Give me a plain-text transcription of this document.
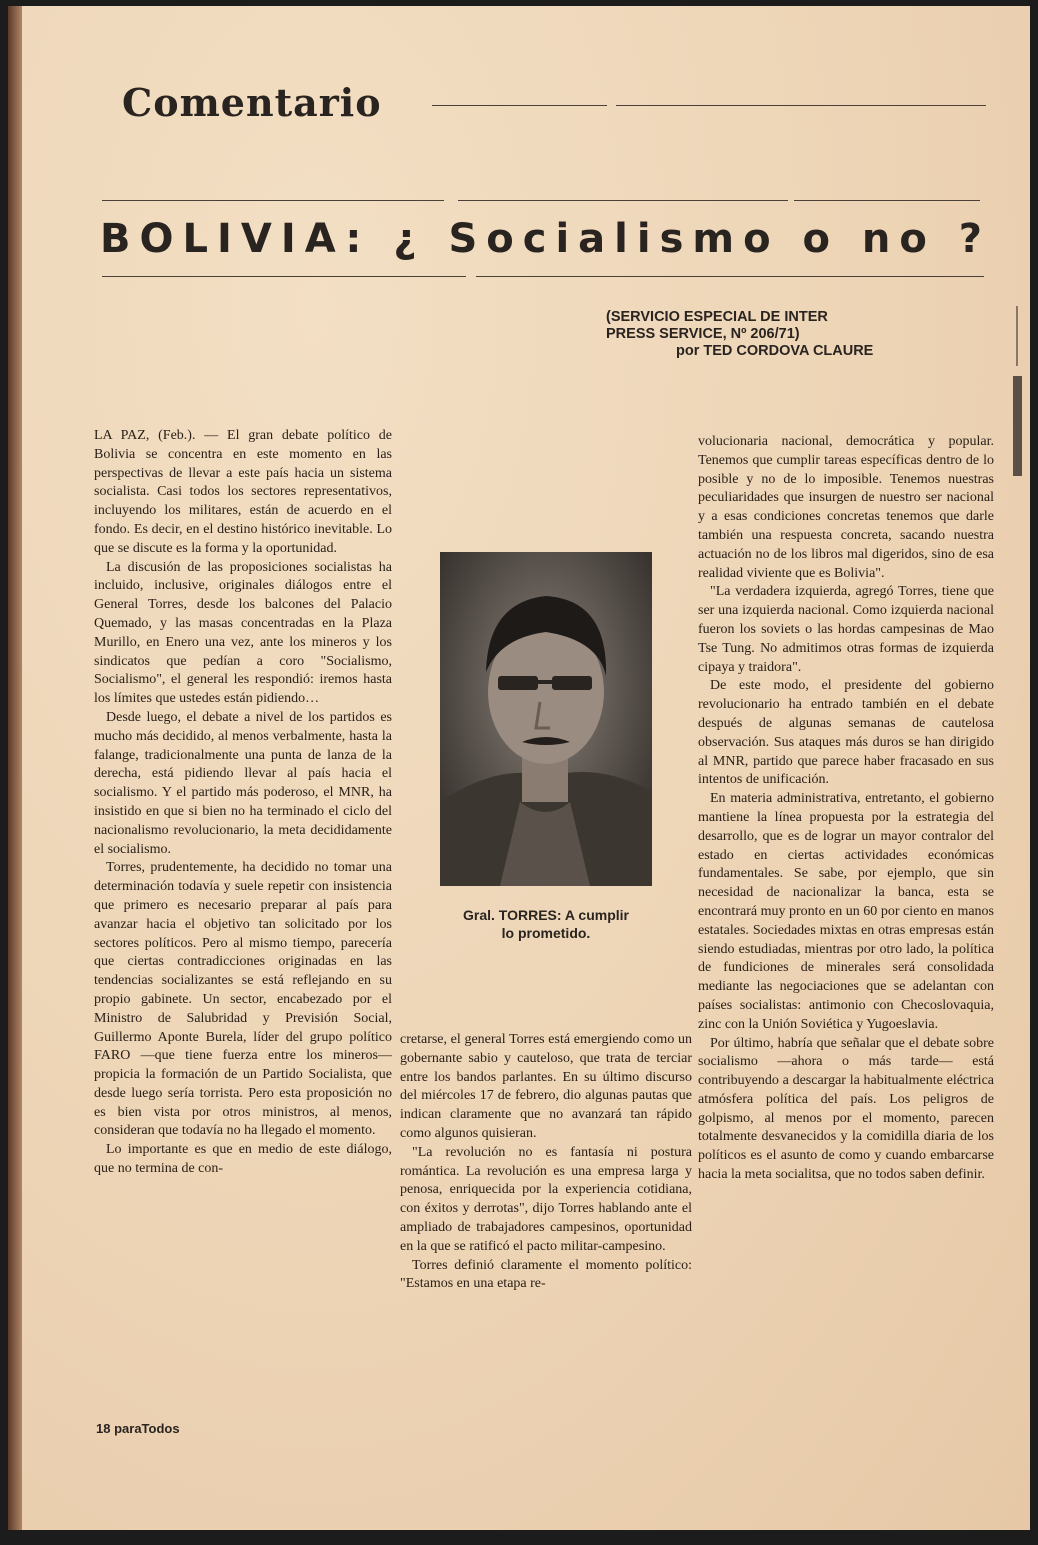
Comentario
BOLIVIA: ¿ Socialismo o no ?
(SERVICIO ESPECIAL DE INTER
PRESS SERVICE, Nº 206/71)
por TED CORDOVA CLAURE

LA PAZ, (Feb.). — El gran debate político de Bolivia se concentra en este momento en las perspectivas de llevar a este país hacia un sistema socialista. Casi todos los sectores representativos, incluyendo los militares, están de acuerdo en el fondo. Es decir, en el destino histórico inevitable. Lo que se discute es la forma y la oportunidad.

La discusión de las proposiciones socialistas ha incluido, inclusive, originales diálogos entre el General Torres, desde los balcones del Palacio Quemado, y las masas concentradas en la Plaza Murillo, en Enero una vez, ante los mineros y los sindicatos que pedían a coro "Socialismo, Socialismo", el general les respondió: iremos hasta los límites que ustedes están pidiendo…

Desde luego, el debate a nivel de los partidos es mucho más decidido, al menos verbalmente, hasta la falange, tradicionalmente una punta de lanza de la derecha, está pidiendo llevar al país hacia el socialismo. Y el partido más poderoso, el MNR, ha insistido en que si bien no ha terminado el ciclo del nacionalismo revolucionario, la meta decididamente el socialismo.

Torres, prudentemente, ha decidido no tomar una determinación todavía y suele repetir con insistencia que primero es necesario preparar al país para avanzar hacia el objetivo tan solicitado por los sectores políticos. Pero al mismo tiempo, parecería que ciertas contradicciones originadas en las tendencias socializantes se está reflejando en su propio gabinete. Un sector, encabezado por el Ministro de Salubridad y Previsión Social, Guillermo Aponte Burela, líder del grupo político FARO —que tiene fuerza entre los mineros— propicia la formación de un Partido Socialista, que desde luego sería torrista. Pero esta proposición no es bien vista por otros ministros, al menos, consideran que todavía no ha llegado el momento.

Lo importante es que en medio de este diálogo, que no termina de con-

Gral. TORRES: A cumplir
lo prometido.

cretarse, el general Torres está emergiendo como un gobernante sabio y cauteloso, que trata de terciar entre los bandos parlantes. En su último discurso del miércoles 17 de febrero, dio algunas pautas que indican claramente que no avanzará tan rápido como algunos quisieran.

"La revolución no es fantasía ni postura romántica. La revolución es una empresa larga y penosa, enriquecida por la experiencia cotidiana, con éxitos y derrotas", dijo Torres hablando ante el ampliado de trabajadores campesinos, oportunidad en la que se ratificó el pacto militar-campesino.

Torres definió claramente el momento político: "Estamos en una etapa re-

volucionaria nacional, democrática y popular. Tenemos que cumplir tareas específicas dentro de lo posible y no de lo imposible. Tenemos nuestras peculiaridades que insurgen de nuestro ser nacional y a esas condiciones concretas tenemos que darle también una respuesta concreta, sacando nuestra actuación no de los libros mal digeridos, sino de esa realidad viviente que es Bolivia".

"La verdadera izquierda, agregó Torres, tiene que ser una izquierda nacional. Como izquierda nacional fueron los soviets o las hordas campesinas de Mao Tse Tung. No admitimos otras formas de izquierda cipaya y traidora".

De este modo, el presidente del gobierno revolucionario ha entrado también en el debate después de algunas semanas de cautelosa observación. Sus ataques más duros se han dirigido al MNR, partido que parece haber fracasado en sus intentos de unificación.

En materia administrativa, entretanto, el gobierno mantiene la línea propuesta por la estrategia del desarrollo, que es de lograr un mayor contralor del estado en ciertas actividades económicas fundamentales. Se sabe, por ejemplo, que sin necesidad de nacionalizar la banca, esta se encontrará muy pronto en un 60 por ciento en manos estatales. Sociedades mixtas en otras empresas están siendo estudiadas, mientras por otro lado, la política de fundiciones de minerales será consolidada mediante las negociaciones que se adelantan con países socialistas: antimonio con Checoslovaquia, zinc con la Unión Soviética y Yugoeslavia.

Por último, habría que señalar que el debate sobre socialismo —ahora o más tarde— está contribuyendo a descargar la habitualmente eléctrica atmósfera política del país. Los peligros de golpismo, al menos por el momento, parecen totalmente desvanecidos y la comidilla diaria de los políticos es el asunto de como y cuando embarcarse hacia la meta socialitsa, que no todos saben definir.

18 paraTodos
